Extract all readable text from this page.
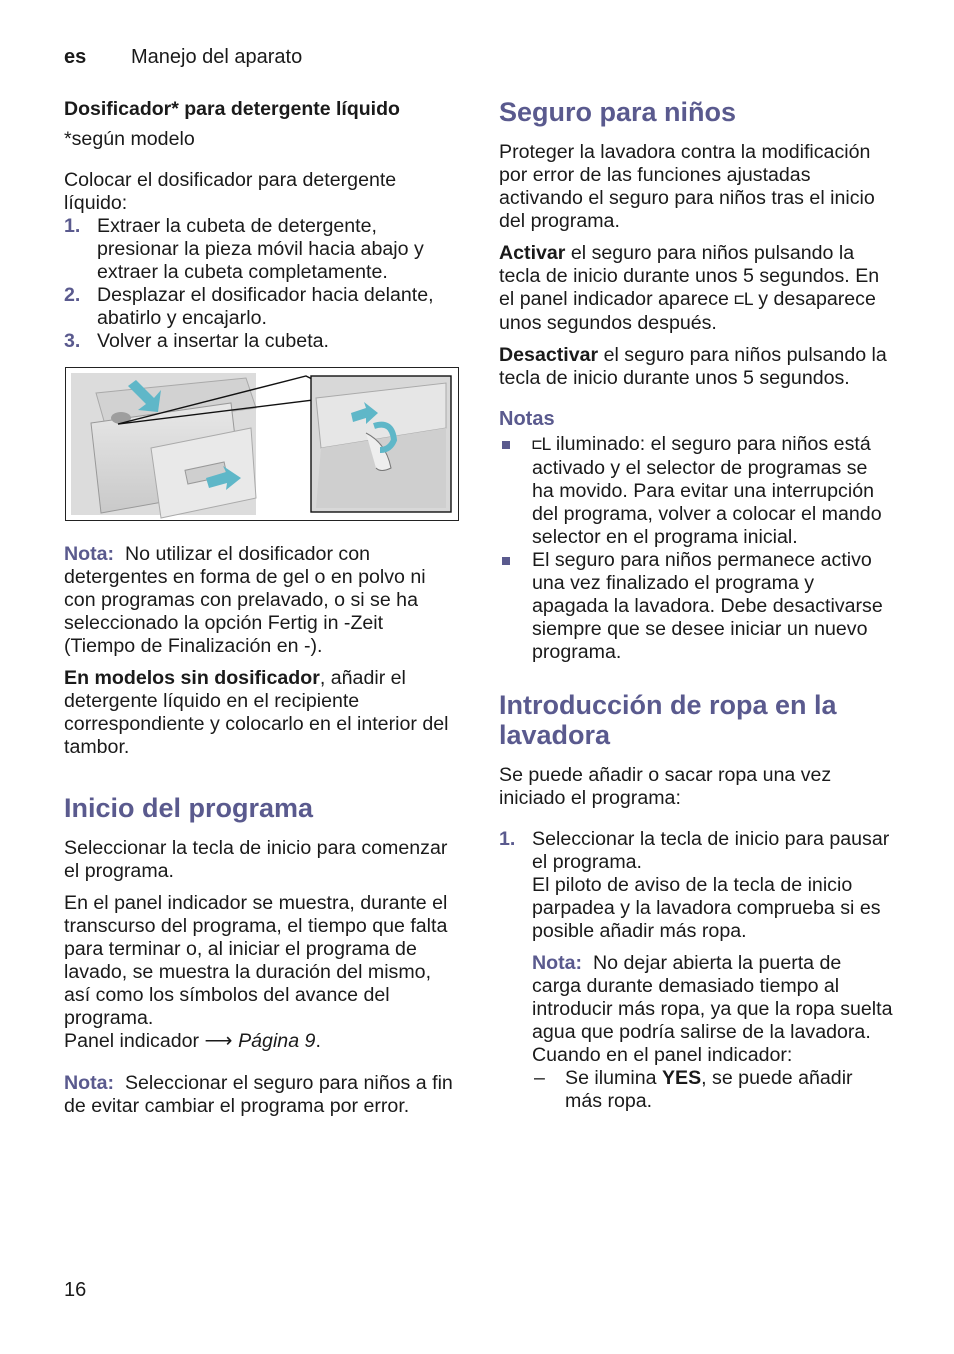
es Manejo del aparato

Dosificador* para detergente líquido

*según modelo

Colocar el dosificador para detergente líquido:

1. Extraer la cubeta de detergente, presionar la pieza móvil hacia abajo y extraer la cubeta completamente.
2. Desplazar el dosificador hacia delante, abatirlo y encajarlo.
3. Volver a insertar la cubeta.

Nota: No utilizar el dosificador con detergentes en forma de gel o en polvo ni con programas con prelavado, o si se ha seleccionado la opción Fertig in -Zeit (Tiempo de Finalización en -).

En modelos sin dosificador, añadir el detergente líquido en el recipiente correspondiente y colocarlo en el interior del tambor.

Inicio del programa

Seleccionar la tecla de inicio para comenzar el programa.

En el panel indicador se muestra, durante el transcurso del programa, el tiempo que falta para terminar o, al iniciar el programa de lavado, se muestra la duración del mismo, así como los símbolos del avance del programa.

Panel indicador ⟶ Página 9.

Nota: Seleccionar el seguro para niños a fin de evitar cambiar el programa por error.

Seguro para niños

Proteger la lavadora contra la modificación por error de las funciones ajustadas activando el seguro para niños tras el inicio del programa.

Activar el seguro para niños pulsando la tecla de inicio durante unos 5 segundos. En el panel indicador aparece ⊏L y desaparece unos segundos después.

Desactivar el seguro para niños pulsando la tecla de inicio durante unos 5 segundos.

Notas

⊏L iluminado: el seguro para niños está activado y el selector de programas se ha movido. Para evitar una interrupción del programa, volver a colocar el mando selector en el programa inicial.
El seguro para niños permanece activo una vez finalizado el programa y apagada la lavadora. Debe desactivarse siempre que se desee iniciar un nuevo programa.

Introducción de ropa en la lavadora

Se puede añadir o sacar ropa una vez iniciado el programa:

1. Seleccionar la tecla de inicio para pausar el programa.
El piloto de aviso de la tecla de inicio parpadea y la lavadora comprueba si es posible añadir más ropa.
Nota: No dejar abierta la puerta de carga durante demasiado tiempo al introducir más ropa, ya que la ropa suelta agua que podría salirse de la lavadora.
Cuando en el panel indicador:
– Se ilumina YES, se puede añadir más ropa.
16
